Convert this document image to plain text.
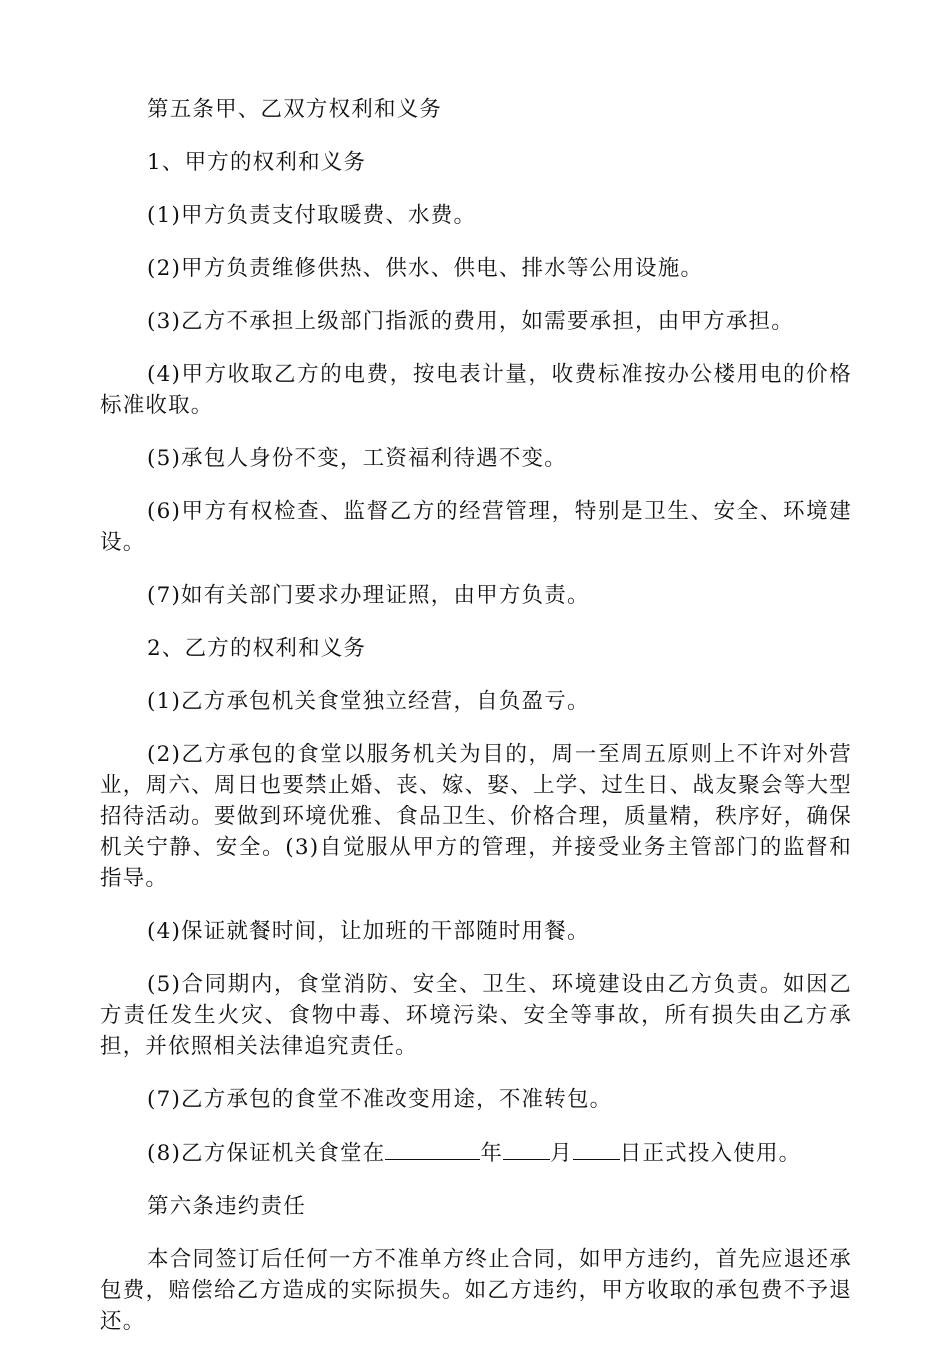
第五条甲、乙双方权利和义务

1、甲方的权利和义务

(1)甲方负责支付取暖费、水费。

(2)甲方负责维修供热、供水、供电、排水等公用设施。

(3)乙方不承担上级部门指派的费用，如需要承担，由甲方承担。

(4)甲方收取乙方的电费，按电表计量，收费标准按办公楼用电的价格标准收取。

(5)承包人身份不变，工资福利待遇不变。

(6)甲方有权检查、监督乙方的经营管理，特别是卫生、安全、环境建设。

(7)如有关部门要求办理证照，由甲方负责。

2、乙方的权利和义务

(1)乙方承包机关食堂独立经营，自负盈亏。

(2)乙方承包的食堂以服务机关为目的，周一至周五原则上不许对外营业，周六、周日也要禁止婚、丧、嫁、娶、上学、过生日、战友聚会等大型招待活动。要做到环境优雅、食品卫生、价格合理，质量精，秩序好，确保机关宁静、安全。(3)自觉服从甲方的管理，并接受业务主管部门的监督和指导。

(4)保证就餐时间，让加班的干部随时用餐。

(5)合同期内，食堂消防、安全、卫生、环境建设由乙方负责。如因乙方责任发生火灾、食物中毒、环境污染、安全等事故，所有损失由乙方承担，并依照相关法律追究责任。

(7)乙方承包的食堂不准改变用途，不准转包。

(8)乙方保证机关食堂在	年 月 日正式投入使用。

第六条违约责任

本合同签订后任何一方不准单方终止合同，如甲方违约，首先应退还承包费，赔偿给乙方造成的实际损失。如乙方违约，甲方收取的承包费不予退还。
